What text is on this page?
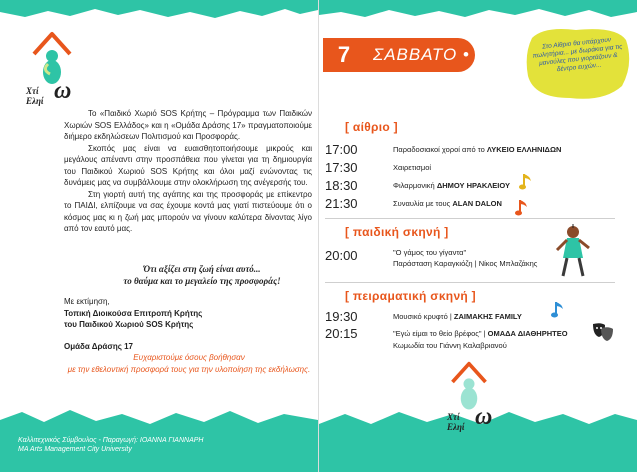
Χτί
Εληί ω

Το «Παιδικό Χωριό SOS Κρήτης – Πρόγραμμα των Παιδικών Χωριών SOS Ελλάδος» και η «Ομάδα Δράσης 17» πραγματοποιούμε διήμερο εκδηλώσεων Πολιτισμού και Προσφοράς.

Σκοπός μας είναι να ευαισθητοποιήσουμε μικρούς και μεγάλους απέναντι στην προσπάθεια που γίνεται για τη δημιουργία του Παιδικού Χωριού SOS Κρήτης και όλοι μαζί ενώνοντας τις δυνάμεις μας να συμβάλλουμε στην ολοκλήρωση της ανέγερσής του.

Στη γιορτή αυτή της αγάπης και της προσφοράς με επίκεντρο το ΠΑΙΔΙ, ελπίζουμε να σας έχουμε κοντά μας γιατί πιστεύουμε ότι ο κόσμος μας κι η ζωή μας μπορούν να γίνουν καλύτερα δίνοντας λίγο από τον εαυτό μας.

Ότι αξίζει στη ζωή είναι αυτό...
το θαύμα και το μεγαλείο της προσφοράς!
Με εκτίμηση,
Τοπική Διοικούσα Επιτροπή Κρήτης
του Παιδικού Χωριού SOS Κρήτης
Ομάδα Δράσης 17
Ευχαριστούμε όσους βοήθησαν
με την εθελοντική προσφορά τους για την υλοποίηση της εκδήλωσης.
Καλλιτεχνικός Σύμβουλος - Παραγωγή: ΙΟΑΝΝΑ ΓΙΑΝΝΑΡΗ
MA Arts Management City University
7	ΣΑΒΒΑΤΟ •
Στο Αίθριο θα υπάρχουν πωλητήρια... με δωράκια για τις μανούλες που γιορτάζουν & δέντρο ευχών...
[ αίθριο ]
17:00	Παραδοσιακοί χοροί από το ΛΥΚΕΙΟ ΕΛΛΗΝΙΔΩΝ
17:30	Χαιρετισμοί
18:30	Φιλαρμονική ΔΗΜΟΥ ΗΡΑΚΛΕΙΟΥ
21:30	Συναυλία με τους ALAN DALON
[ παιδική σκηνή ]
20:00	"Ο γάμος του γίγαντα"
Παράσταση Καραγκιόζη | Νίκος Μπλαζάκης
[ πειραματική σκηνή ]
19:30	Μουσικό κρυφτό | ΖΑΙΜΑΚΗΣ FAMILY
20:15	"Εγώ είμαι το θείο βρέφος" | ΟΜΑΔΑ ΔΙΑΘΗΡΗΤΕΟ
Κωμωδία του Γιάννη Καλαβριανού
Χτί
Εληί ω
